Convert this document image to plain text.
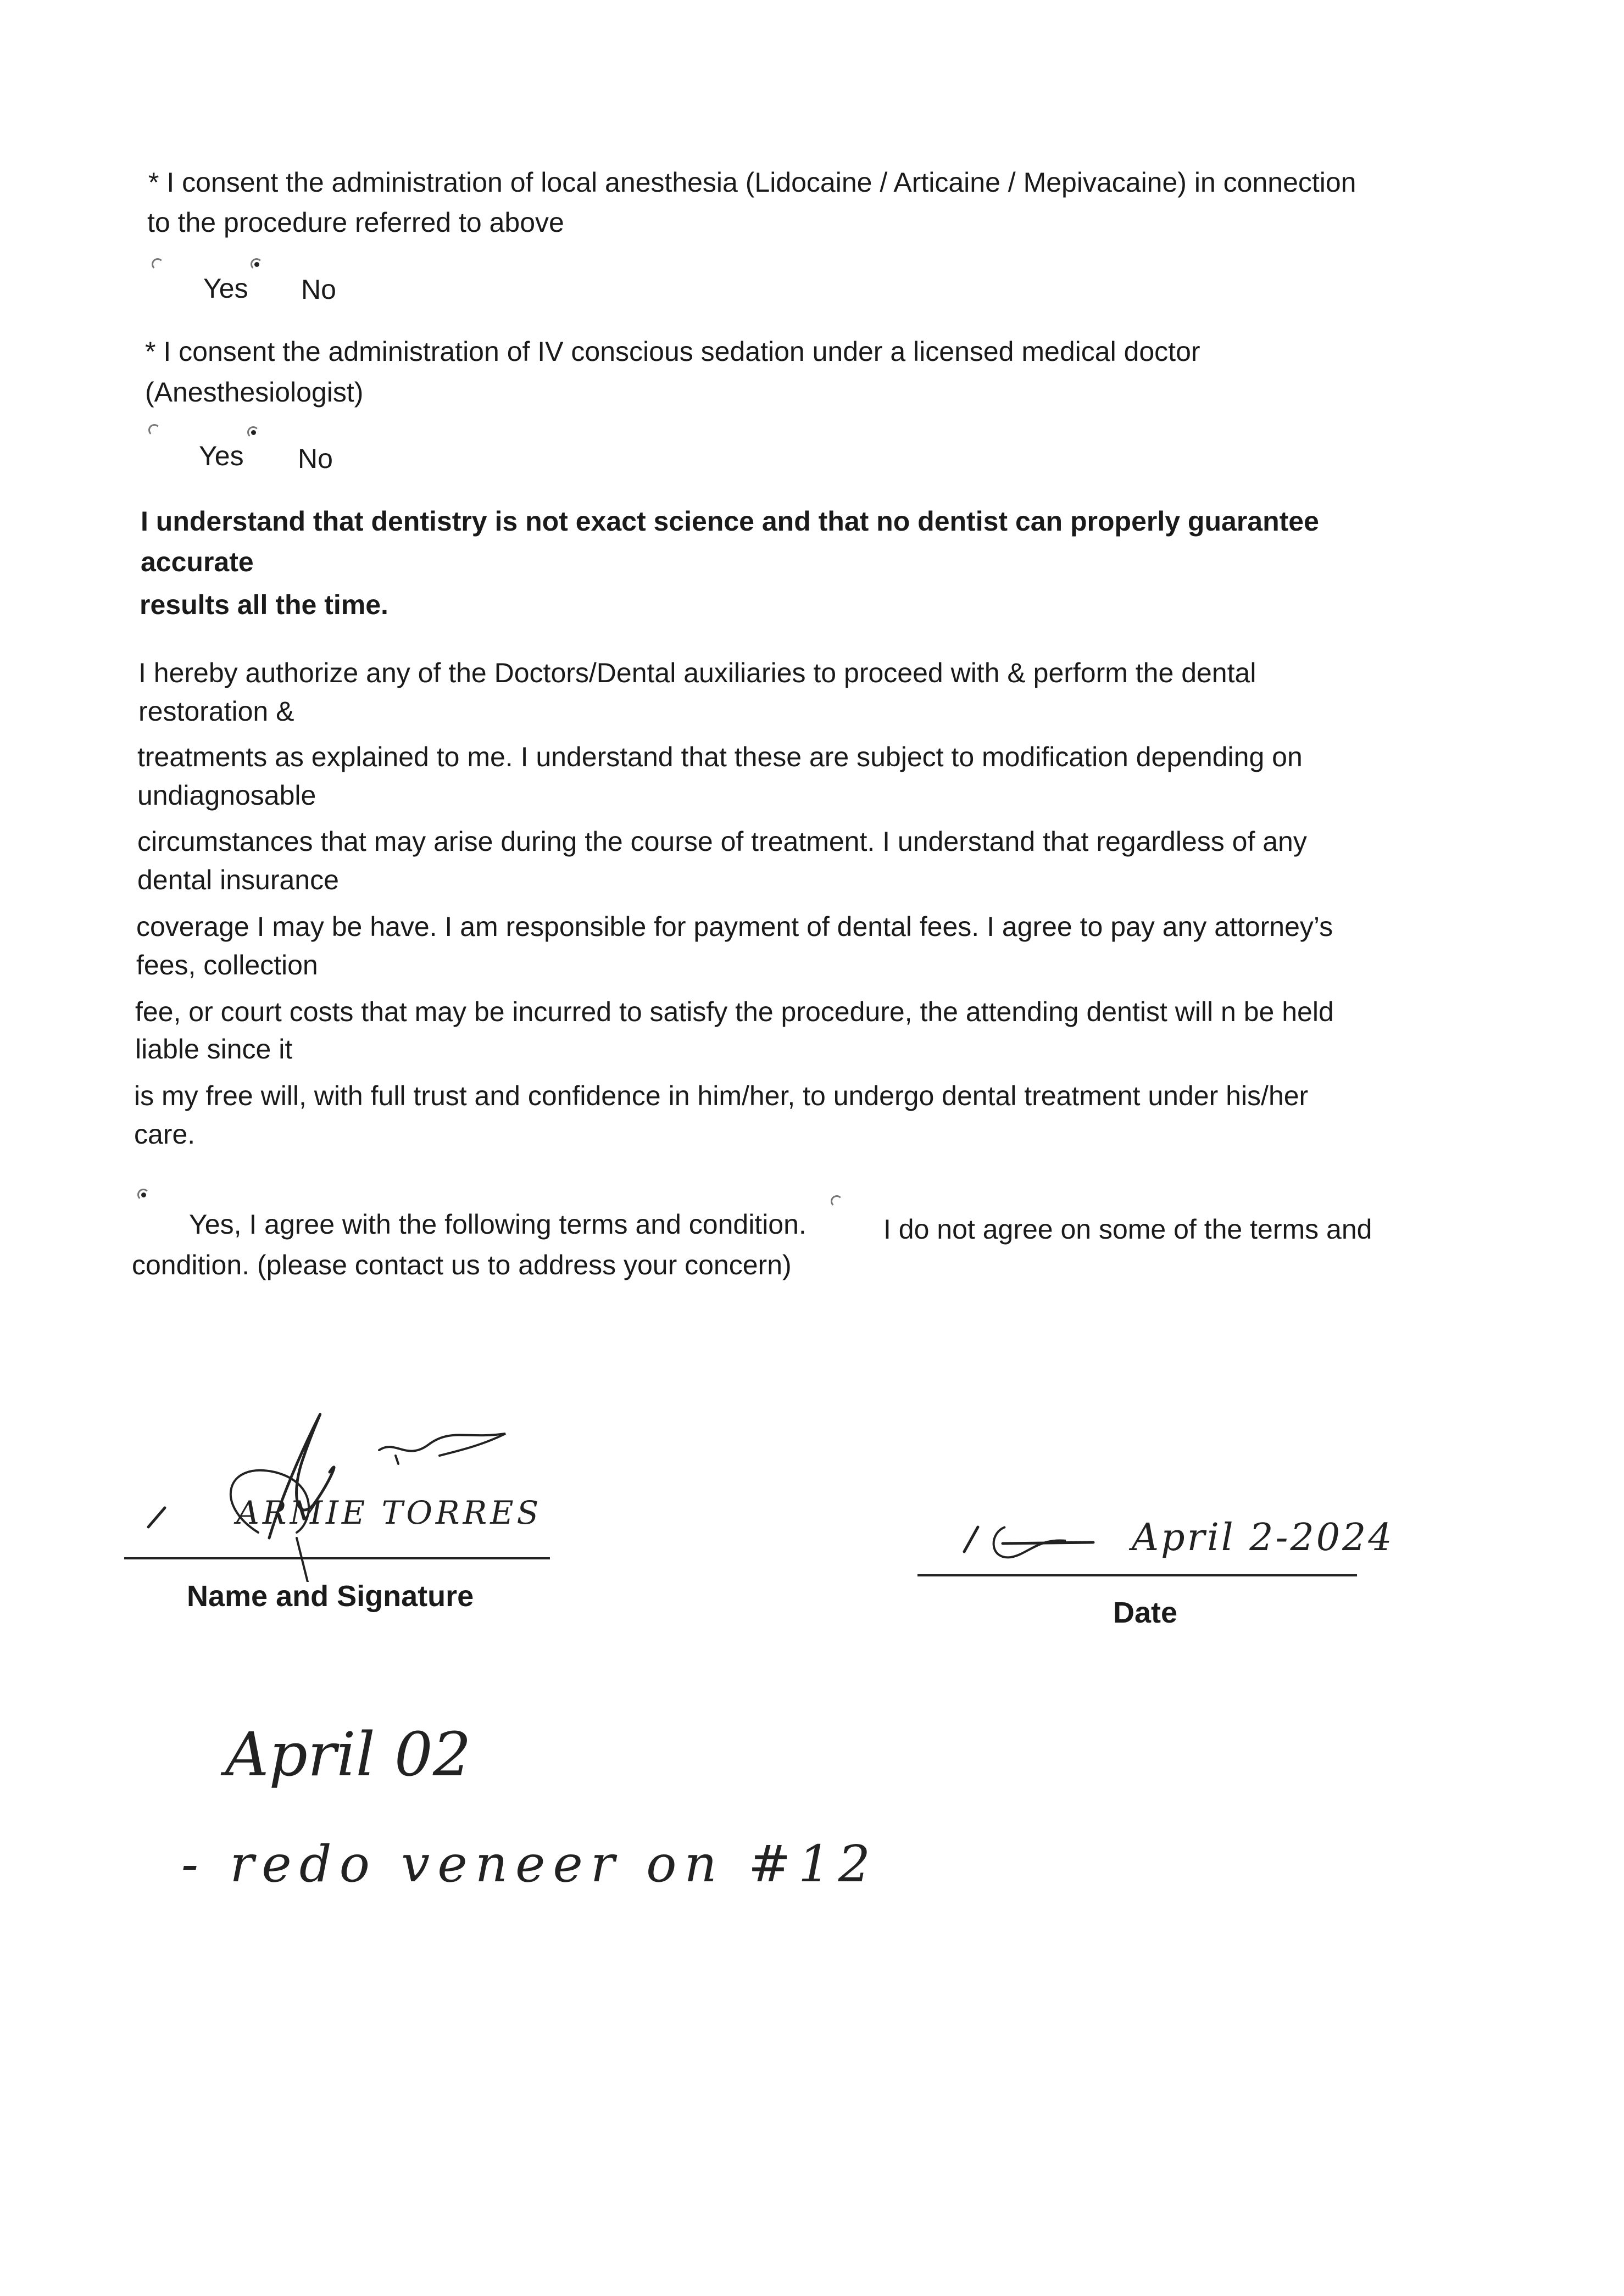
* I consent the administration of local anesthesia (Lidocaine / Articaine / Mepivacaine) in connection
to the procedure referred to above
Yes No
* I consent the administration of IV conscious sedation under a licensed medical doctor
(Anesthesiologist)
Yes No
I understand that dentistry is not exact science and that no dentist can properly guarantee
accurate
results all the time.
I hereby authorize any of the Doctors/Dental auxiliaries to proceed with & perform the dental
restoration &
treatments as explained to me. I understand that these are subject to modification depending on
undiagnosable
circumstances that may arise during the course of treatment. I understand that regardless of any
dental insurance
coverage I may be have. I am responsible for payment of dental fees. I agree to pay any attorney’s
fees, collection
fee, or court costs that may be incurred to satisfy the procedure, the attending dentist will n be held
liable since it
is my free will, with full trust and confidence in him/her, to undergo dental treatment under his/her
care.
Yes, I agree with the following terms and condition.	I do not agree on some of the terms and
condition. (please contact us to address your concern)
ARMIE TORRES
Name and Signature
April 2-2024
Date
April 02
- redo veneer on #12
